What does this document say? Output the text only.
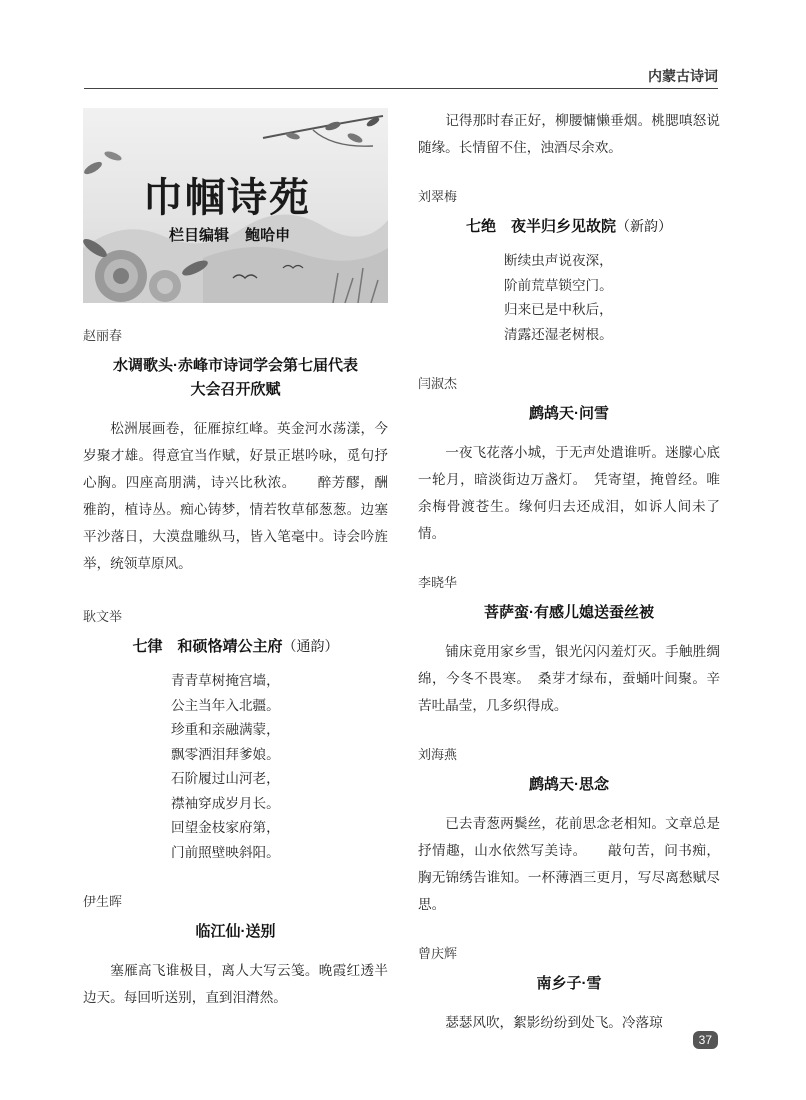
内蒙古诗词
巾帼诗苑
栏目编辑 鲍哈申
赵丽春
水调歌头·赤峰市诗词学会第七届代表
大会召开欣赋

松洲展画卷，征雁掠红峰。英金河水荡漾，今岁聚才雄。得意宜当作赋，好景正堪吟咏，觅句抒心胸。四座高朋满，诗兴比秋浓。　　醉芳醪，酬雅韵，植诗丛。痴心铸梦，情若牧草郁葱葱。边塞平沙落日，大漠盘雕纵马，皆入笔毫中。诗会吟旌举，统领草原风。

耿文举
七律　和硕恪靖公主府（通韵）
青青草树掩宫墙，
公主当年入北疆。
珍重和亲融满蒙，
飘零洒泪拜爹娘。
石阶履过山河老，
襟袖穿成岁月长。
回望金枝家府第，
门前照壁映斜阳。
伊生晖
临江仙·送别

塞雁高飞谁极目，离人大写云笺。晚霞红透半边天。每回听送别，直到泪潸然。

记得那时春正好，柳腰慵懒垂烟。桃腮嗔怒说随缘。长情留不住，浊酒尽余欢。

刘翠梅
七绝　夜半归乡见故院（新韵）
断续虫声说夜深，
阶前荒草锁空门。
归来已是中秋后，
清露还湿老树根。
闫淑杰
鹧鸪天·问雪

一夜飞花落小城，于无声处遣谁听。迷朦心底一轮月，暗淡街边万盏灯。　凭寄望，掩曾经。唯余梅骨渡苍生。缘何归去还成泪，如诉人间未了情。

李晓华
菩萨蛮·有感儿媳送蚕丝被

铺床竟用家乡雪，银光闪闪羞灯灭。手触胜绸绵，今冬不畏寒。　桑芽才绿布，蚕蛹叶间聚。辛苦吐晶莹，几多织得成。

刘海燕
鹧鸪天·思念

已去青葱两鬓丝，花前思念老相知。文章总是抒情趣，山水依然写美诗。　　敲句苦，问书痴，胸无锦绣告谁知。一杯薄酒三更月，写尽离愁赋尽思。

曾庆辉
南乡子·雪

瑟瑟风吹，絮影纷纷到处飞。冷落琼

37
